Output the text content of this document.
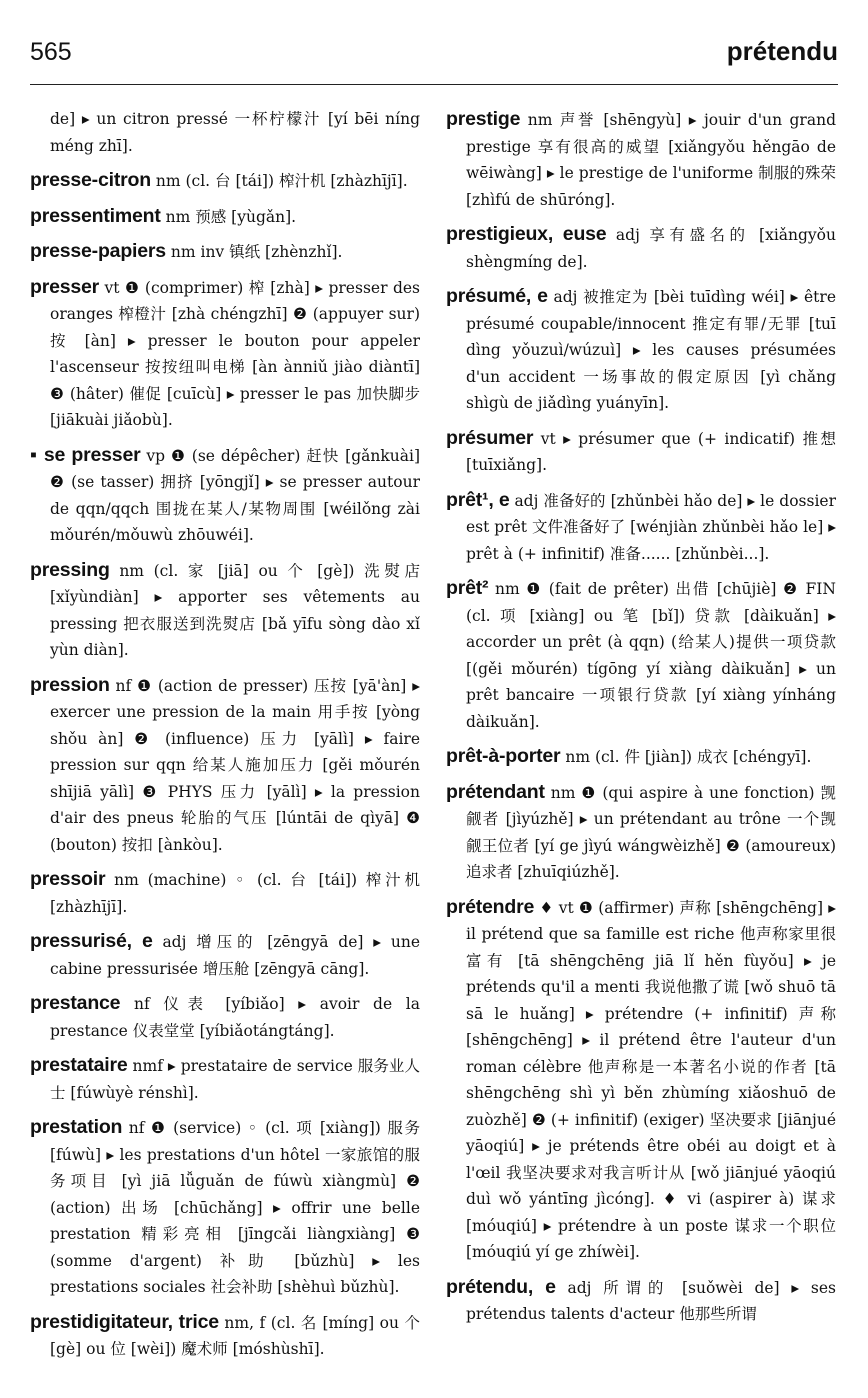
565	prétendu

de] ▸ un citron pressé 一杯柠檬汁 [yí bēi níng méng zhī].

presse-citron nm (cl. 台 [tái]) 榨汁机 [zhàzhījī].

pressentiment nm 预感 [yùgǎn].

presse-papiers nm inv 镇纸 [zhènzhǐ].

presser vt ❶ (comprimer) 榨 [zhà] ▸ presser des oranges 榨橙汁 [zhà chéngzhī] ❷ (appuyer sur) 按 [àn] ▸ presser le bouton pour appeler l'ascenseur 按按纽叫电梯 [àn ànniǔ jiào diàntī] ❸ (hâter) 催促 [cuīcù] ▸ presser le pas 加快脚步 [jiākuài jiǎobù].

▪ se presser vp ❶ (se dépêcher) 赶快 [gǎnkuài] ❷ (se tasser) 拥挤 [yōngjǐ] ▸ se presser autour de qqn/qqch 围拢在某人/某物周围 [wéilǒng zài mǒurén/mǒuwù zhōuwéi].

pressing nm (cl. 家 [jiā] ou 个 [gè]) 洗熨店 [xǐyùndiàn] ▸ apporter ses vêtements au pressing 把衣服送到洗熨店 [bǎ yīfu sòng dào xǐ yùn diàn].

pression nf ❶ (action de presser) 压按 [yā'àn] ▸ exercer une pression de la main 用手按 [yòng shǒu àn] ❷ (influence) 压力 [yālì] ▸ faire pression sur qqn 给某人施加压力 [gěi mǒurén shījiā yālì] ❸ PHYS 压力 [yālì] ▸ la pression d'air des pneus 轮胎的气压 [lúntāi de qìyā] ❹ (bouton) 按扣 [ànkòu].

pressoir nm (machine) ◦ (cl. 台 [tái]) 榨汁机 [zhàzhījī].

pressurisé, e adj 增压的 [zēngyā de] ▸ une cabine pressurisée 增压舱 [zēngyā cāng].

prestance nf 仪表 [yíbiǎo] ▸ avoir de la prestance 仪表堂堂 [yíbiǎotángtáng].

prestataire nmf ▸ prestataire de service 服务业人士 [fúwùyè rénshì].

prestation nf ❶ (service) ◦ (cl. 项 [xiàng]) 服务 [fúwù] ▸ les prestations d'un hôtel 一家旅馆的服务项目 [yì jiā lǚguǎn de fúwù xiàngmù] ❷ (action) 出场 [chūchǎng] ▸ offrir une belle prestation 精彩亮相 [jīngcǎi liàngxiàng] ❸ (somme d'argent) 补助 [bǔzhù] ▸ les prestations sociales 社会补助 [shèhuì bǔzhù].

prestidigitateur, trice nm, f (cl. 名 [míng] ou 个 [gè] ou 位 [wèi]) 魔术师 [móshùshī].

prestige nm 声誉 [shēngyù] ▸ jouir d'un grand prestige 享有很高的威望 [xiǎngyǒu hěngāo de wēiwàng] ▸ le prestige de l'uniforme 制服的殊荣 [zhìfú de shūróng].

prestigieux, euse adj 享有盛名的 [xiǎngyǒu shèngmíng de].

présumé, e adj 被推定为 [bèi tuīdìng wéi] ▸ être présumé coupable/innocent 推定有罪/无罪 [tuī dìng yǒuzuì/wúzuì] ▸ les causes présumées d'un accident 一场事故的假定原因 [yì chǎng shìgù de jiǎdìng yuányīn].

présumer vt ▸ présumer que (+ indicatif) 推想 [tuīxiǎng].

prêt¹, e adj 准备好的 [zhǔnbèi hǎo de] ▸ le dossier est prêt 文件准备好了 [wénjiàn zhǔnbèi hǎo le] ▸ prêt à (+ infinitif) 准备...... [zhǔnbèi...].

prêt² nm ❶ (fait de prêter) 出借 [chūjiè] ❷ FIN (cl. 项 [xiàng] ou 笔 [bǐ]) 贷款 [dàikuǎn] ▸ accorder un prêt (à qqn) (给某人)提供一项贷款 [(gěi mǒurén) tígōng yí xiàng dàikuǎn] ▸ un prêt bancaire 一项银行贷款 [yí xiàng yínháng dàikuǎn].

prêt-à-porter nm (cl. 件 [jiàn]) 成衣 [chéngyī].

prétendant nm ❶ (qui aspire à une fonction) 觊觎者 [jìyúzhě] ▸ un prétendant au trône 一个觊觎王位者 [yí ge jìyú wángwèizhě] ❷ (amoureux) 追求者 [zhuīqiúzhě].

prétendre ♦ vt ❶ (affirmer) 声称 [shēngchēng] ▸ il prétend que sa famille est riche 他声称家里很富有 [tā shēngchēng jiā lǐ hěn fùyǒu] ▸ je prétends qu'il a menti 我说他撒了谎 [wǒ shuō tā sā le huǎng] ▸ prétendre (+ infinitif) 声称 [shēngchēng] ▸ il prétend être l'auteur d'un roman célèbre 他声称是一本著名小说的作者 [tā shēngchēng shì yì běn zhùmíng xiǎoshuō de zuòzhě] ❷ (+ infinitif) (exiger) 坚决要求 [jiānjué yāoqiú] ▸ je prétends être obéi au doigt et à l'œil 我坚决要求对我言听计从 [wǒ jiānjué yāoqiú duì wǒ yántīng jìcóng]. ♦ vi (aspirer à) 谋求 [móuqiú] ▸ prétendre à un poste 谋求一个职位 [móuqiú yí ge zhíwèi].

prétendu, e adj 所谓的 [suǒwèi de] ▸ ses prétendus talents d'acteur 他那些所谓
